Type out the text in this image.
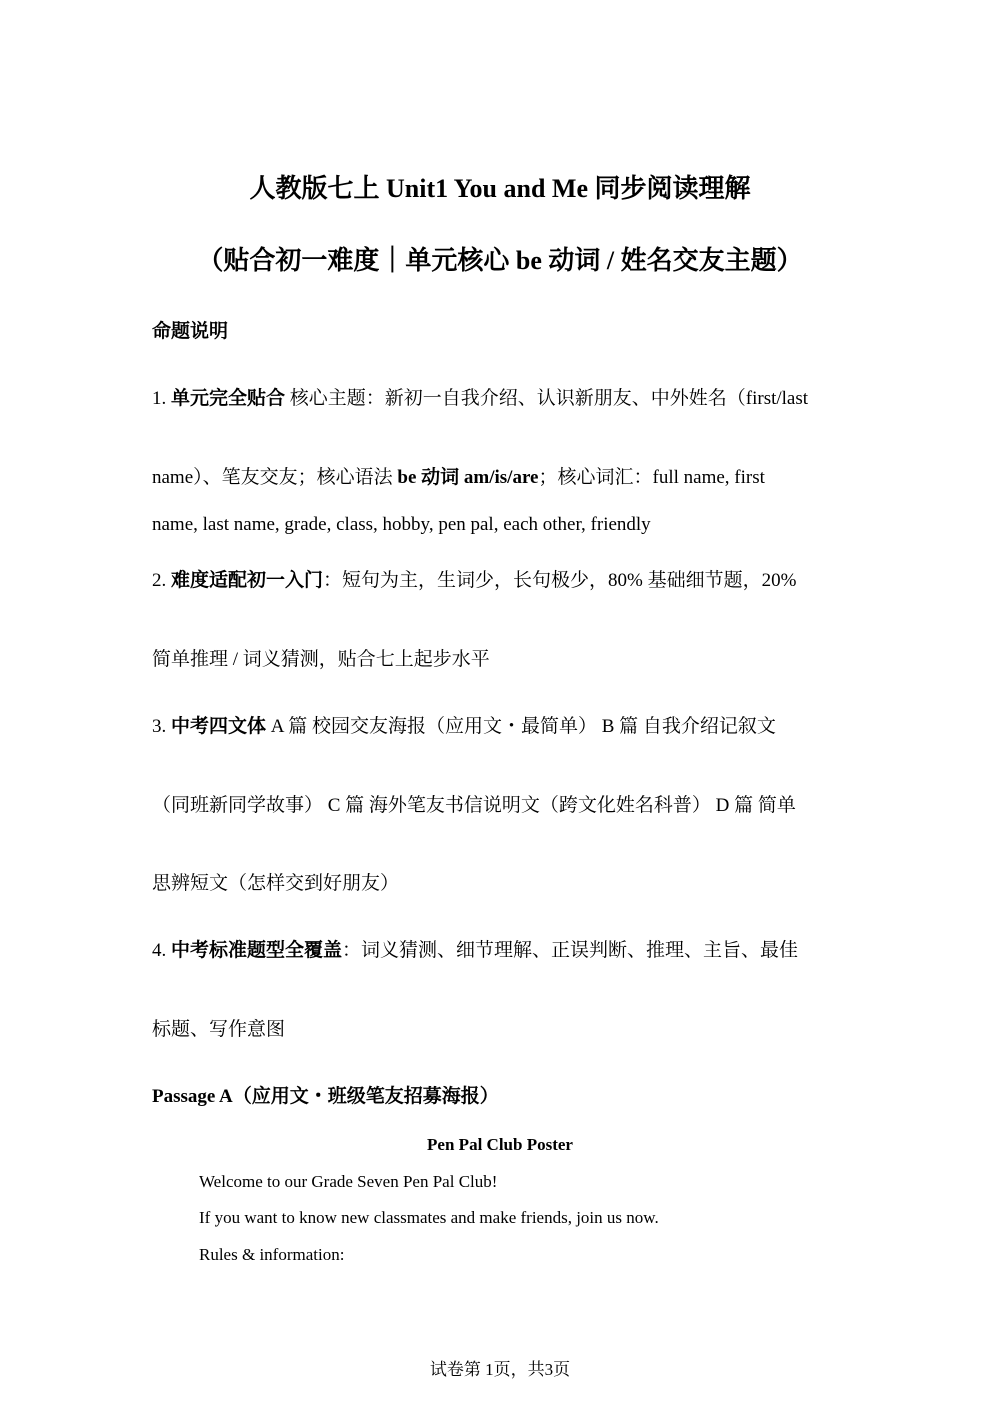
人教版七上 Unit1 You and Me 同步阅读理解
（贴合初一难度｜单元核心 be 动词 / 姓名交友主题）
命题说明
1. 单元完全贴合 核心主题：新初一自我介绍、认识新朋友、中外姓名（first/last
name）、笔友交友；核心语法 be 动词 am/is/are；核心词汇：full name, first
name, last name, grade, class, hobby, pen pal, each other, friendly
2. 难度适配初一入门：短句为主，生词少，长句极少，80% 基础细节题，20%
简单推理 / 词义猜测，贴合七上起步水平
3. 中考四文体 A 篇 校园交友海报（应用文・最简单） B 篇 自我介绍记叙文
（同班新同学故事） C 篇 海外笔友书信说明文（跨文化姓名科普） D 篇 简单
思辨短文（怎样交到好朋友）
4. 中考标准题型全覆盖：词义猜测、细节理解、正误判断、推理、主旨、最佳
标题、写作意图
Passage A（应用文・班级笔友招募海报）
Pen Pal Club Poster
Welcome to our Grade Seven Pen Pal Club!
If you want to know new classmates and make friends, join us now.
Rules & information:
试卷第 1页，共3页
